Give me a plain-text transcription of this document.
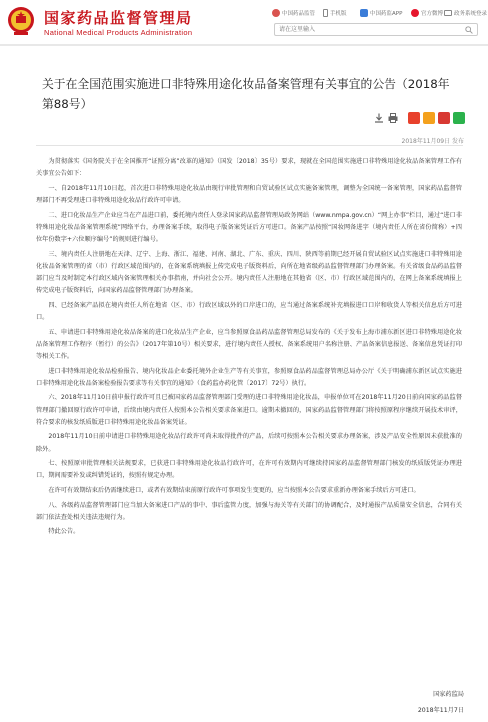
国家药品监督管理局
National Medical Products Administration
中国药品监管	手机版	中国药监APP	官方微博 政务系统登录
请在这里输入
关于在全国范围实施进口非特殊用途化妆品备案管理有关事宜的公告（2018年
第88号）
2018年11月09日 发布

为贯彻落实《国务院关于在全国推开“证照分离”改革的通知》（国发〔2018〕35号）要求，现就在全国范围实施进口非特殊用途化妆品备案管理工作有关事宜公告如下：

一、自2018年11月10日起，首次进口非特殊用途化妆品由现行审批管理和自贸试验区试点实施备案管理，调整为全国统一备案管理，国家药品监督管理部门不再受理进口非特殊用途化妆品行政许可申请。

二、进口化妆品生产企业应当在产品进口前，委托境内责任人登录国家药品监督管理局政务网站（www.nmpa.gov.cn）“网上办事”栏目，通过“进口非特殊用途化妆品备案管理系统”网络平台，办理备案手续，取得电子版备案凭证后方可进口。备案产品按照“国妆网备进字（境内责任人所在省份简称）+四位年份数字+六位顺序编号”的规则进行编号。

三、境内责任人注册地在天津、辽宁、上海、浙江、福建、河南、湖北、广东、重庆、四川、陕西等前期已经开展自贸试验区试点实施进口非特殊用途化妆品备案管理的省（市）行政区域范围内的，在备案系统填报上传完成电子版资料后，向所在地省级药品监督管理部门办理备案。有关省级食品药品监督部门应当及时制定本行政区域内备案管理相关办事指南，并向社会公开。境内责任人注册地在其他省（区、市）行政区域范围内的，在网上备案系统填报上传完成电子版资料后，向国家药品监督管理部门办理备案。

四、已经备案产品拟在境内责任人所在地省（区、市）行政区域以外的口岸进口的，应当通过备案系统补充填报进口口岸和收货人等相关信息后方可进口。

五、申请进口非特殊用途化妆品备案的进口化妆品生产企业，应当参照原食品药品监督管理总局发布的《关于发布上海市浦东新区进口非特殊用途化妆品备案管理工作程序（暂行）的公告》（2017年第10号）相关要求，进行境内责任人授权、备案系统用户名称注册、产品备案信息报送、备案信息凭证打印等相关工作。

进口非特殊用途化妆品检验报告、境内化妆品企业委托境外企业生产等有关事宜，参照原食品药品监督管理总局办公厅《关于明确浦东新区试点实施进口非特殊用途化妆品备案检验报告要求等有关事宜的通知》（食药监办药化管〔2017〕72号）执行。

六、2018年11月10日前申报行政许可且已被国家药品监督管理部门受理的进口非特殊用途化妆品，申报单位可在2018年11月20日前向国家药品监督管理部门撤回原行政许可申请，后续由境内责任人按照本公告相关要求备案进口。逾期未撤回的，国家药品监督管理部门将按照原程序继续开展技术审评，符合要求的核发纸质版进口非特殊用途化妆品备案凭证。

2018年11月10日前申请进口非特殊用途化妆品行政许可尚未取得批件的产品，后续可按照本公告相关要求办理备案，涉及产品安全性原因未获批准的除外。

七、按照原审批管理相关法规要求，已获进口非特殊用途化妆品行政许可，在许可有效期内可继续持国家药品监督管理部门核发的纸质版凭证办理进口，期间需要补发或纠错凭证的，按照有规定办理。

在许可有效期结束后仍需继续进口，或者有效期结束前原行政许可事项发生变更的，应当按照本公告要求重新办理备案手续后方可进口。

八、各级药品监督管理部门应当加大备案进口产品的事中、事后监管力度，加强与海关等有关部门的协调配合，及时通报产品质量安全信息，合同有关部门依法查处相关违法违规行为。

特此公告。

国家药监局
2018年11月7日
